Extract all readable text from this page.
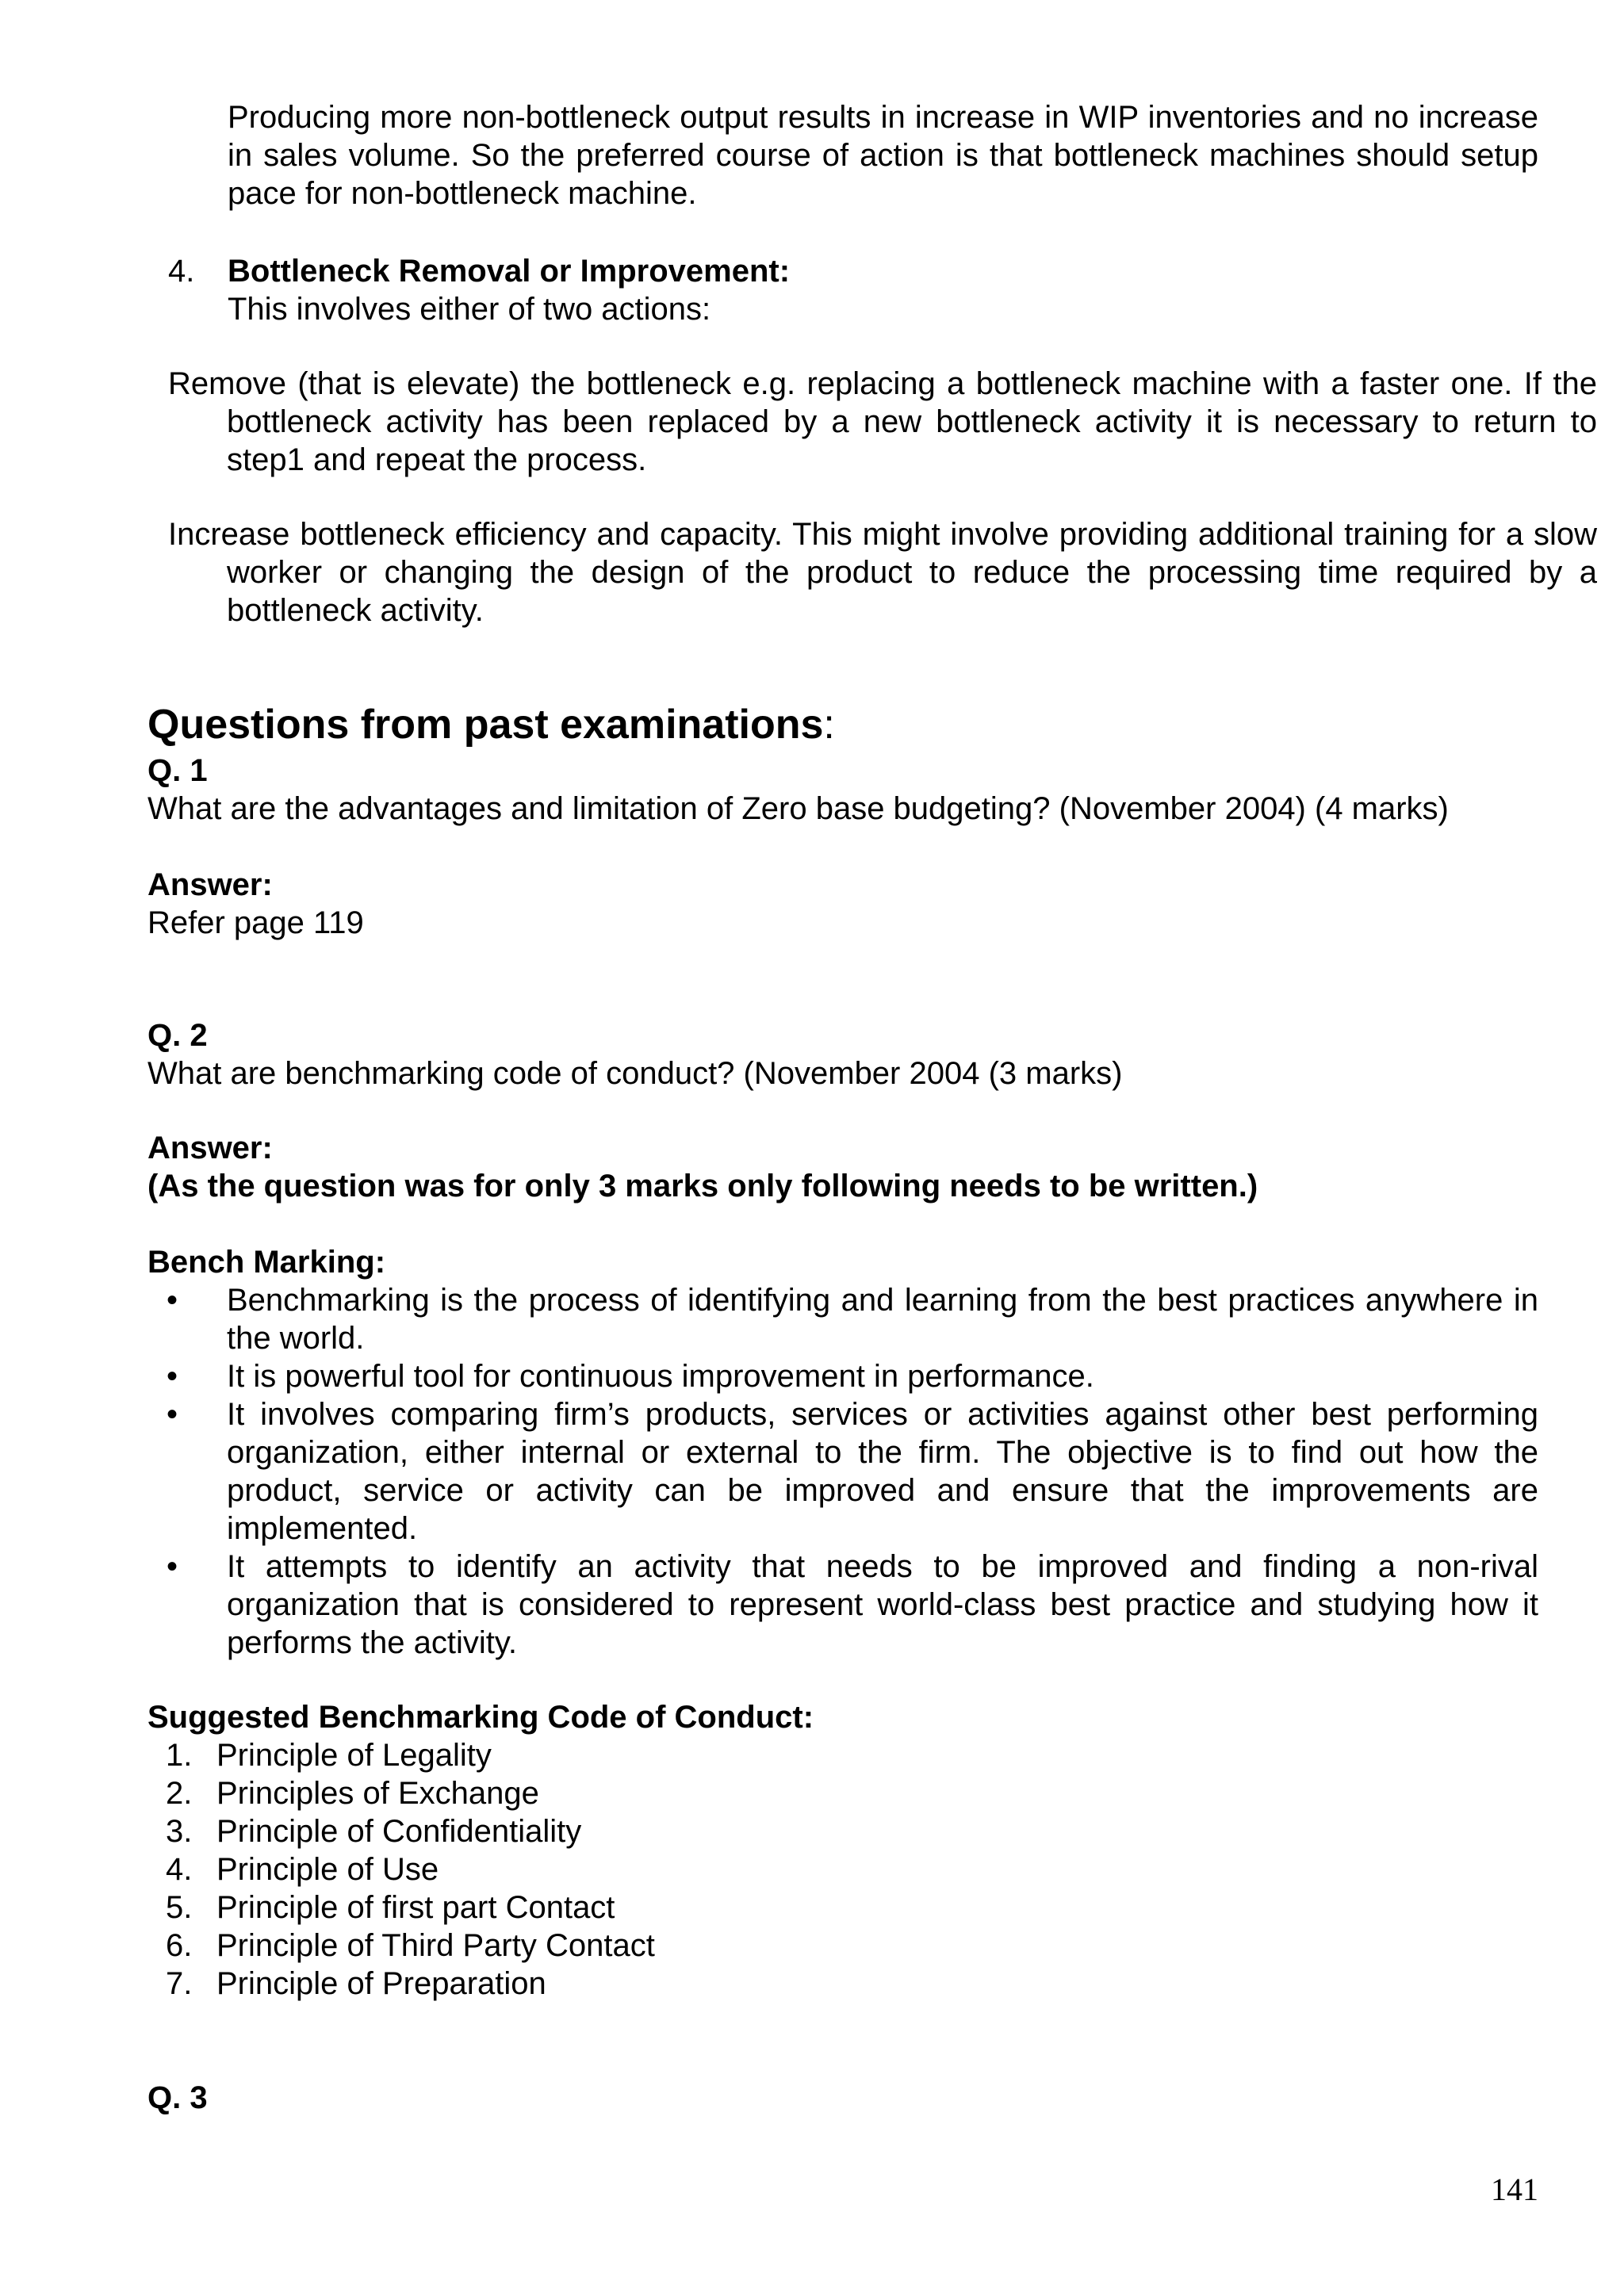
Producing more non-bottleneck output results in increase in WIP inventories and no increase in sales volume. So the preferred course of action is that bottleneck machines should setup pace for non-bottleneck machine.

4. Bottleneck Removal or Improvement:
This involves either of two actions:

Remove (that is elevate) the bottleneck e.g. replacing a bottleneck machine with a faster one. If the bottleneck activity has been replaced by a new bottleneck activity it is necessary to return to step1 and repeat the process.

Increase bottleneck efficiency and capacity. This might involve providing additional training for a slow worker or changing the design of the product to reduce the processing time required by a bottleneck activity.

Questions from past examinations:
Q. 1
What are the advantages and limitation of Zero base budgeting? (November 2004) (4 marks)
Answer:
Refer page 119
Q. 2
What are benchmarking code of conduct? (November 2004 (3 marks)
Answer:
(As the question was for only 3 marks only following needs to be written.)
Bench Marking:
• Benchmarking is the process of identifying and learning from the best practices anywhere in the world.
• It is powerful tool for continuous improvement in performance.
• It involves comparing firm’s products, services or activities against other best performing organization, either internal or external to the firm. The objective is to find out how the product, service or activity can be improved and ensure that the improvements are implemented.
• It attempts to identify an activity that needs to be improved and finding a non-rival organization that is considered to represent world-class best practice and studying how it performs the activity.
Suggested Benchmarking Code of Conduct:
1. Principle of Legality
2. Principles of Exchange
3. Principle of Confidentiality
4. Principle of Use
5. Principle of first part Contact
6. Principle of Third Party Contact
7. Principle of Preparation
Q. 3
141
